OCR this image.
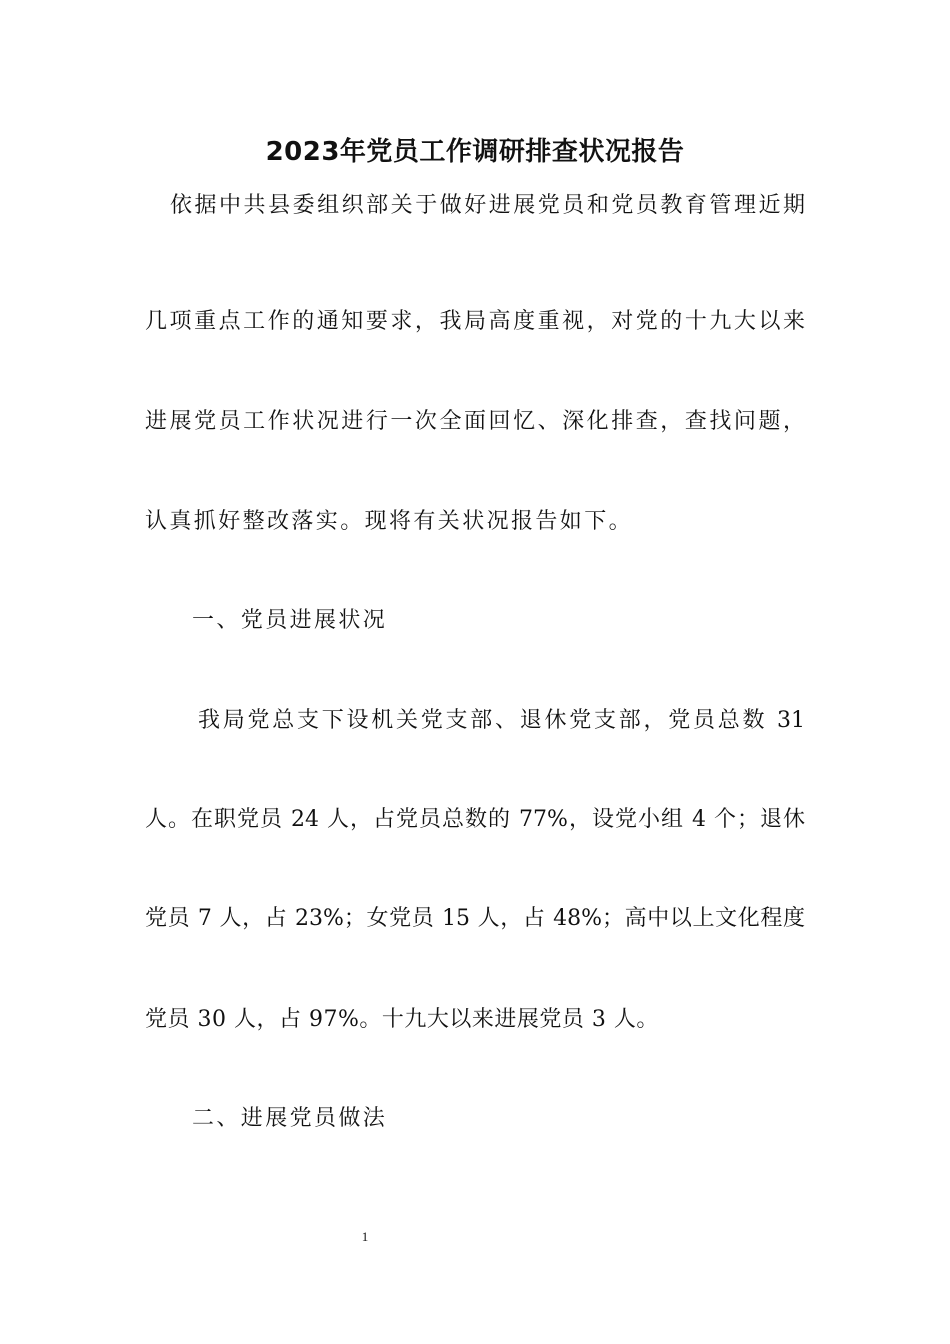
2023年党员工作调研排查状况报告
依据中共县委组织部关于做好进展党员和党员教育管理近期
几项重点工作的通知要求，我局高度重视，对党的十九大以来
进展党员工作状况进行一次全面回忆、深化排查，查找问题，
认真抓好整改落实。现将有关状况报告如下。
一、党员进展状况
我局党总支下设机关党支部、退休党支部，党员总数 31
人。在职党员 24 人，占党员总数的 77%，设党小组 4 个；退休
党员 7 人，占 23%；女党员 15 人，占 48%；高中以上文化程度
党员 30 人，占 97%。十九大以来进展党员 3 人。
二、进展党员做法
1
